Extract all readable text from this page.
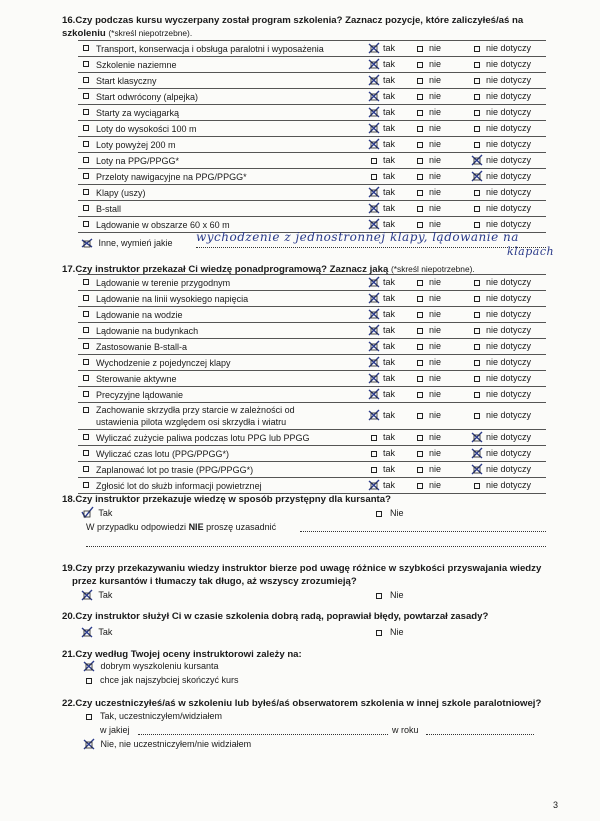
16.Czy podczas kursu wyczerpany został program szkolenia? Zaznacz pozycje, które zaliczyłeś/aś na
szkoleniu (*skreśl niepotrzebne).
Transport, konserwacja i obsługa paralotni i wyposażenia	tak	nie	nie dotyczy
Szkolenie naziemne	tak	nie	nie dotyczy
Start klasyczny	tak	nie	nie dotyczy
Start odwrócony (alpejka)	tak	nie	nie dotyczy
Starty za wyciągarką	tak	nie	nie dotyczy
Loty do wysokości 100 m	tak	nie	nie dotyczy
Loty powyżej 200 m	tak	nie	nie dotyczy
Loty na PPG/PPGG*	tak	nie	nie dotyczy
Przeloty nawigacyjne na PPG/PPGG*	tak	nie	nie dotyczy
Klapy (uszy)	tak	nie	nie dotyczy
B-stall	tak	nie	nie dotyczy
Lądowanie w obszarze 60 x 60 m	tak	nie	nie dotyczy
Inne, wymień jakie wychodzenie z jednostronnej klapy, lądowanie na
klapach
17.Czy instruktor przekazał Ci wiedzę ponadprogramową? Zaznacz jaką (*skreśl niepotrzebne).
Lądowanie w terenie przygodnym	tak	nie	nie dotyczy
Lądowanie na linii wysokiego napięcia	tak	nie	nie dotyczy
Lądowanie na wodzie	tak	nie	nie dotyczy
Lądowanie na budynkach	tak	nie	nie dotyczy
Zastosowanie B-stall-a	tak	nie	nie dotyczy
Wychodzenie z pojedynczej klapy	tak	nie	nie dotyczy
Sterowanie aktywne	tak	nie	nie dotyczy
Precyzyjne lądowanie	tak	nie	nie dotyczy
Zachowanie skrzydła przy starcie w zależności od
ustawienia pilota względem osi skrzydła i wiatru
tak	nie	nie dotyczy
Wyliczać zużycie paliwa podczas lotu PPG lub PPGG	tak	nie	nie dotyczy
Wyliczać czas lotu (PPG/PPGG*)	tak	nie	nie dotyczy
Zaplanować lot po trasie (PPG/PPGG*)	tak	nie	nie dotyczy
Zgłosić lot do służb informacji powietrznej	tak	nie	nie dotyczy
18.Czy instruktor przekazuje wiedzę w sposób przystępny dla kursanta?
Tak	Nie
W przypadku odpowiedzi NIE proszę uzasadnić
19.Czy przy przekazywaniu wiedzy instruktor bierze pod uwagę różnice w szybkości przyswajania wiedzy
przez kursantów i tłumaczy tak długo, aż wszyscy zrozumieją?
Tak	Nie
20.Czy instruktor służył Ci w czasie szkolenia dobrą radą, poprawiał błędy, powtarzał zasady?
Tak	Nie
21.Czy według Twojej oceny instruktorowi zależy na:
dobrym wyszkoleniu kursanta
chce jak najszybciej skończyć kurs
22.Czy uczestniczyłeś/aś w szkoleniu lub byłeś/aś obserwatorem szkolenia w innej szkole paralotniowej?
Tak, uczestniczyłem/widziałem
w jakiej	w roku
Nie, nie uczestniczyłem/nie widziałem
3
